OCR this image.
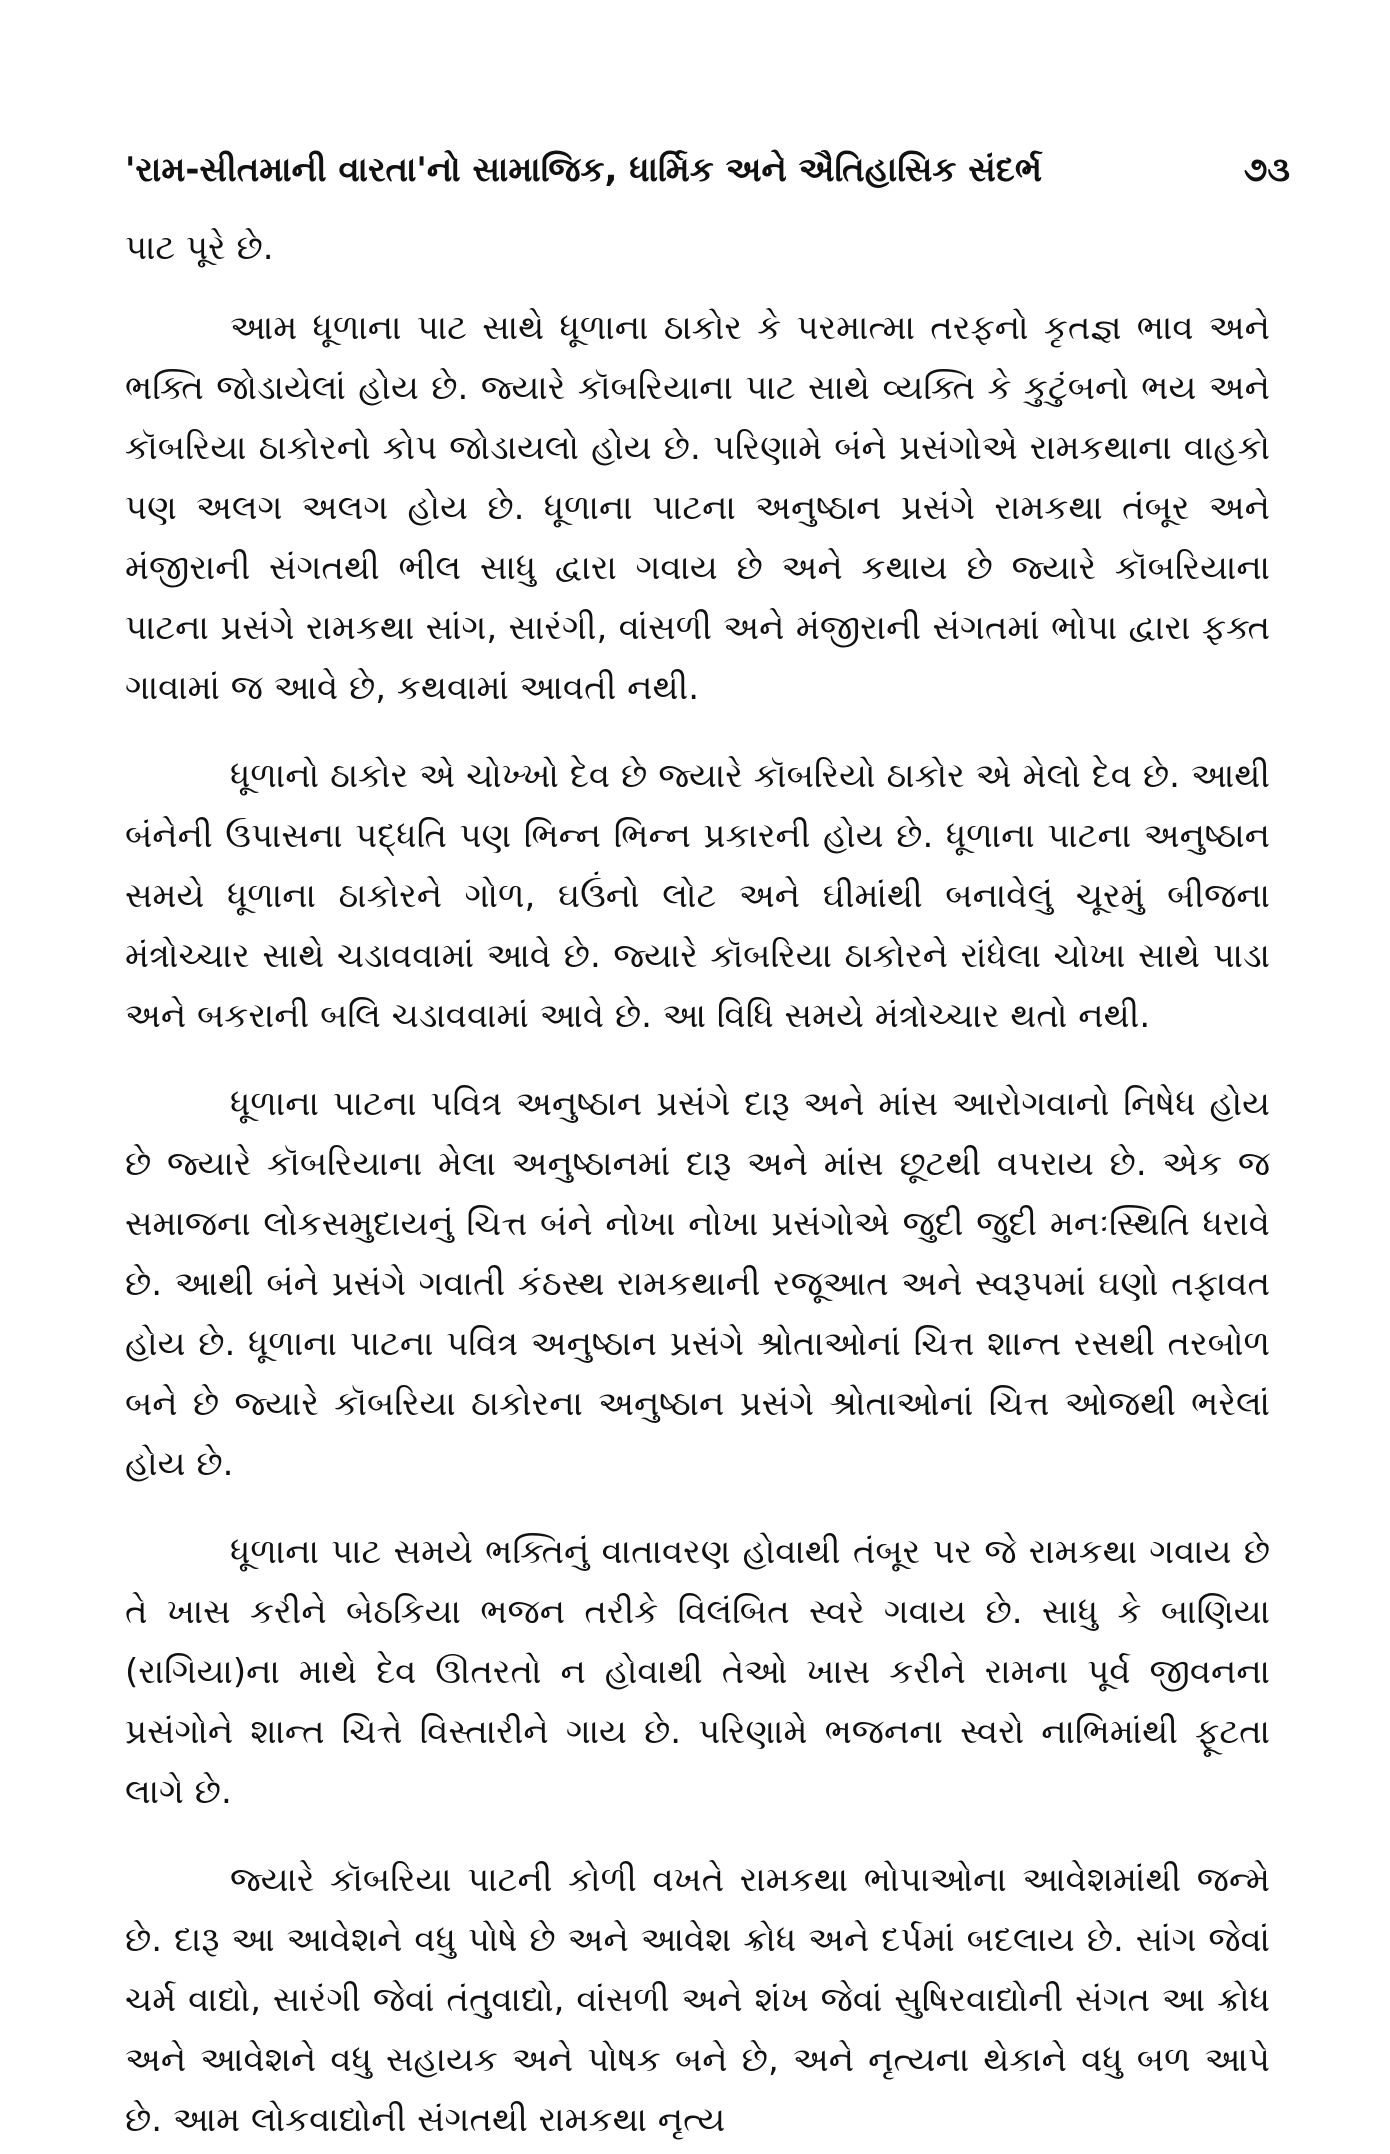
'રામ-સીતમાની વારતા'નો સામાજિક, ધાર્મિક અને ઐતિહાસિક સંદર્ભ	૭૩

પાટ પૂરે છે.

આમ ધૂળાના પાટ સાથે ધૂળાના ઠાકોર કે પરમાત્મા તરફનો કૃતજ્ઞ ભાવ અને ભક્તિ જોડાયેલાં હોય છે. જ્યારે કૉબરિયાના પાટ સાથે વ્યક્તિ કે કુટુંબનો ભય અને કૉબરિયા ઠાકોરનો કોપ જોડાયલો હોય છે. પરિણામે બંને પ્રસંગોએ રામકથાના વાહકો પણ અલગ અલગ હોય છે. ધૂળાના પાટના અનુષ્ઠાન પ્રસંગે રામકથા તંબૂર અને મંજીરાની સંગતથી ભીલ સાધુ દ્વારા ગવાય છે અને કથાય છે જ્યારે કૉબરિયાના પાટના પ્રસંગે રામકથા સાંગ, સારંગી, વાંસળી અને મંજીરાની સંગતમાં ભોપા દ્વારા ફક્ત ગાવામાં જ આવે છે, કથવામાં આવતી નથી.

ધૂળાનો ઠાકોર એ ચોખ્ખો દેવ છે જ્યારે કૉબરિયો ઠાકોર એ મેલો દેવ છે. આથી બંનેની ઉપાસના પદ્ધતિ પણ ભિન્ન ભિન્ન પ્રકારની હોય છે. ધૂળાના પાટના અનુષ્ઠાન સમયે ધૂળાના ઠાકોરને ગોળ, ઘઉંનો લોટ અને ઘીમાંથી બનાવેલું ચૂરમું બીજના મંત્રોચ્ચાર સાથે ચડાવવામાં આવે છે. જ્યારે કૉબરિયા ઠાકોરને રાંધેલા ચોખા સાથે પાડા અને બકરાની બલિ ચડાવવામાં આવે છે. આ વિધિ સમયે મંત્રોચ્ચાર થતો નથી.

ધૂળાના પાટના પવિત્ર અનુષ્ઠાન પ્રસંગે દારૂ અને માંસ આરોગવાનો નિષેધ હોય છે જ્યારે કૉબરિયાના મેલા અનુષ્ઠાનમાં દારૂ અને માંસ છૂટથી વપરાય છે. એક જ સમાજના લોકસમુદાયનું ચિત્ત બંને નોખા નોખા પ્રસંગોએ જુદી જુદી મનઃસ્થિતિ ધરાવે છે. આથી બંને પ્રસંગે ગવાતી કંઠસ્થ રામકથાની રજૂઆત અને સ્વરૂપમાં ઘણો તફાવત હોય છે. ધૂળાના પાટના પવિત્ર અનુષ્ઠાન પ્રસંગે શ્રોતાઓનાં ચિત્ત શાન્ત રસથી તરબોળ બને છે જ્યારે કૉબરિયા ઠાકોરના અનુષ્ઠાન પ્રસંગે શ્રોતાઓનાં ચિત્ત ઓજથી ભરેલાં હોય છે.

ધૂળાના પાટ સમયે ભક્તિનું વાતાવરણ હોવાથી તંબૂર પર જે રામકથા ગવાય છે તે ખાસ કરીને બેઠકિયા ભજન તરીકે વિલંબિત સ્વરે ગવાય છે. સાધુ કે બાણિયા (રાગિયા)ના માથે દેવ ઊતરતો ન હોવાથી તેઓ ખાસ કરીને રામના પૂર્વ જીવનના પ્રસંગોને શાન્ત ચિત્તે વિસ્તારીને ગાય છે. પરિણામે ભજનના સ્વરો નાભિમાંથી ફૂટતા લાગે છે.

જ્યારે કૉબરિયા પાટની કોળી વખતે રામકથા ભોપાઓના આવેશમાંથી જન્મે છે. દારૂ આ આવેશને વધુ પોષે છે અને આવેશ ક્રોધ અને દર્પમાં બદલાય છે. સાંગ જેવાં ચર્મ વાદ્યો, સારંગી જેવાં તંતુવાદ્યો, વાંસળી અને શંખ જેવાં સુષિરવાદ્યોની સંગત આ ક્રોધ અને આવેશને વધુ સહાયક અને પોષક બને છે, અને નૃત્યના થેકાને વધુ બળ આપે છે. આમ લોકવાદ્યોની સંગતથી રામકથા નૃત્ય
